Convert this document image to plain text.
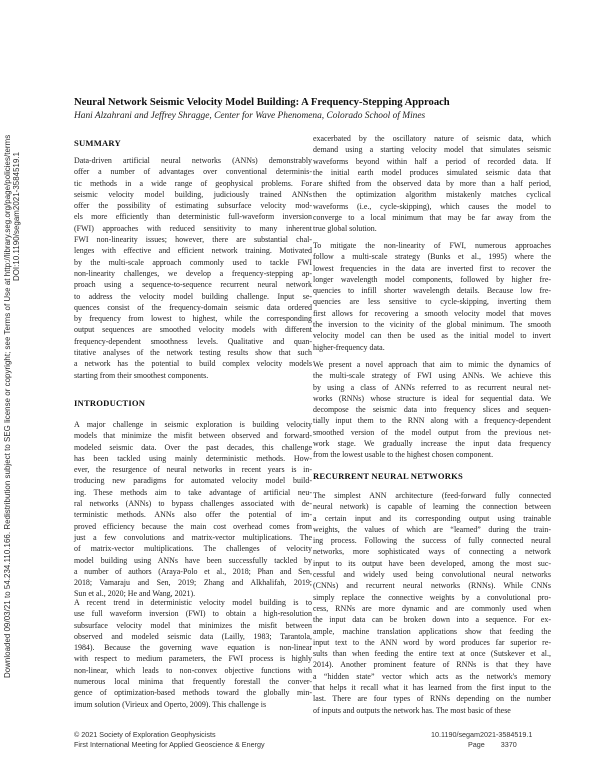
Downloaded 09/03/21 to 54.234.110.166. Redistribution subject to SEG license or copyright; see Terms of Use at http://library.seg.org/page/policies/terms DOI:10.1190/segam2021-3584519.1
Neural Network Seismic Velocity Model Building: A Frequency-Stepping Approach
Hani Alzahrani and Jeffrey Shragge, Center for Wave Phenomena, Colorado School of Mines
SUMMARY
Data-driven artificial neural networks (ANNs) demonstrably
offer a number of advantages over conventional determinis-
tic methods in a wide range of geophysical problems. For
seismic velocity model building, judiciously trained ANNs
offer the possibility of estimating subsurface velocity mod-
els more efficiently than deterministic full-waveform inversion
(FWI) approaches with reduced sensitivity to many inherent
FWI non-linearity issues; however, there are substantial chal-
lenges with effective and efficient network training. Motivated
by the multi-scale approach commonly used to tackle FWI
non-linearity challenges, we develop a frequency-stepping ap-
proach using a sequence-to-sequence recurrent neural network
to address the velocity model building challenge. Input se-
quences consist of the frequency-domain seismic data ordered
by frequency from lowest to highest, while the corresponding
output sequences are smoothed velocity models with different
frequency-dependent smoothness levels. Qualitative and quan-
titative analyses of the network testing results show that such
a network has the potential to build complex velocity models
starting from their smoothest components.
INTRODUCTION
A major challenge in seismic exploration is building velocity
models that minimize the misfit between observed and forward-
modeled seismic data. Over the past decades, this challenge
has been tackled using mainly deterministic methods. How-
ever, the resurgence of neural networks in recent years is in-
troducing new paradigms for automated velocity model build-
ing. These methods aim to take advantage of artificial neu-
ral networks (ANNs) to bypass challenges associated with de-
terministic methods. ANNs also offer the potential of im-
proved efficiency because the main cost overhead comes from
just a few convolutions and matrix-vector multiplications. The
of matrix-vector multiplications. The challenges of velocity
model building using ANNs have been successfully tackled by
a number of authors (Araya-Polo et al., 2018; Phan and Sen,
2018; Vamaraju and Sen, 2019; Zhang and Alkhalifah, 2019;
Sun et al., 2020; He and Wang, 2021).
A recent trend in deterministic velocity model building is to
use full waveform inversion (FWI) to obtain a high-resolution
subsurface velocity model that minimizes the misfit between
observed and modeled seismic data (Lailly, 1983; Tarantola,
1984). Because the governing wave equation is non-linear
with respect to medium parameters, the FWI process is highly
non-linear, which leads to non-convex objective functions with
numerous local minima that frequently forestall the conver-
gence of optimization-based methods toward the globally min-
imum solution (Virieux and Operto, 2009). This challenge is
exacerbated by the oscillatory nature of seismic data, which
demand using a starting velocity model that simulates seismic
waveforms beyond within half a period of recorded data. If
the initial earth model produces simulated seismic data that
are shifted from the observed data by more than a half period,
then the optimization algorithm mistakenly matches cyclical
waveforms (i.e., cycle-skipping), which causes the model to
converge to a local minimum that may be far away from the
true global solution.
To mitigate the non-linearity of FWI, numerous approaches
follow a multi-scale strategy (Bunks et al., 1995) where the
lowest frequencies in the data are inverted first to recover the
longer wavelength model components, followed by higher fre-
quencies to infill shorter wavelength details. Because low fre-
quencies are less sensitive to cycle-skipping, inverting them
first allows for recovering a smooth velocity model that moves
the inversion to the vicinity of the global minimum. The smooth
velocity model can then be used as the initial model to invert
higher-frequency data.
We present a novel approach that aim to mimic the dynamics of
the multi-scale strategy of FWI using ANNs. We achieve this
by using a class of ANNs referred to as recurrent neural net-
works (RNNs) whose structure is ideal for sequential data. We
decompose the seismic data into frequency slices and sequen-
tially input them to the RNN along with a frequency-dependent
smoothed version of the model output from the previous net-
work stage. We gradually increase the input data frequency
from the lowest usable to the highest chosen component.
RECURRENT NEURAL NETWORKS
The simplest ANN architecture (feed-forward fully connected
neural network) is capable of learning the connection between
a certain input and its corresponding output using trainable
weights, the values of which are “learned” during the train-
ing process. Following the success of fully connected neural
networks, more sophisticated ways of connecting a network
input to its output have been developed, among the most suc-
cessful and widely used being convolutional neural networks
(CNNs) and recurrent neural networks (RNNs). While CNNs
simply replace the connective weights by a convolutional pro-
cess, RNNs are more dynamic and are commonly used when
the input data can be broken down into a sequence. For ex-
ample, machine translation applications show that feeding the
input text to the ANN word by word produces far superior re-
sults than when feeding the entire text at once (Sutskever et al.,
2014). Another prominent feature of RNNs is that they have
a “hidden state” vector which acts as the network's memory
that helps it recall what it has learned from the first input to the
last. There are four types of RNNs depending on the number
of inputs and outputs the network has. The most basic of these
© 2021 Society of Exploration Geophysicists
First International Meeting for Applied Geoscience & Energy
10.1190/segam2021-3584519.1
Page 3370
